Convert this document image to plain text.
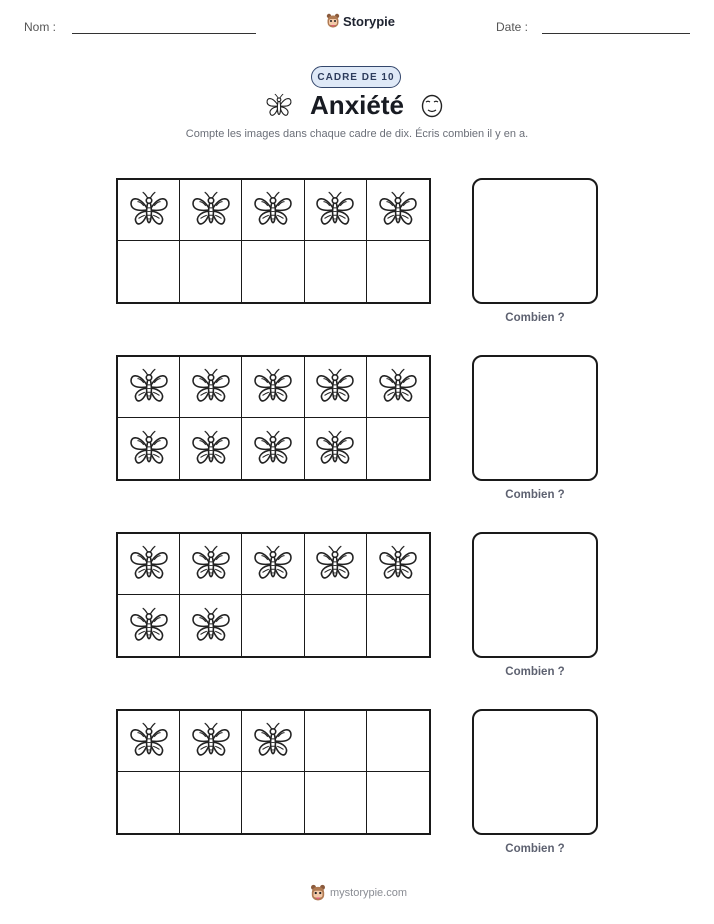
Nom :	Storypie	Date :
CADRE DE 10
Anxiété
Compte les images dans chaque cadre de dix. Écris combien il y en a.
Combien ?
Combien ?
Combien ?
Combien ?
mystorypie.com
